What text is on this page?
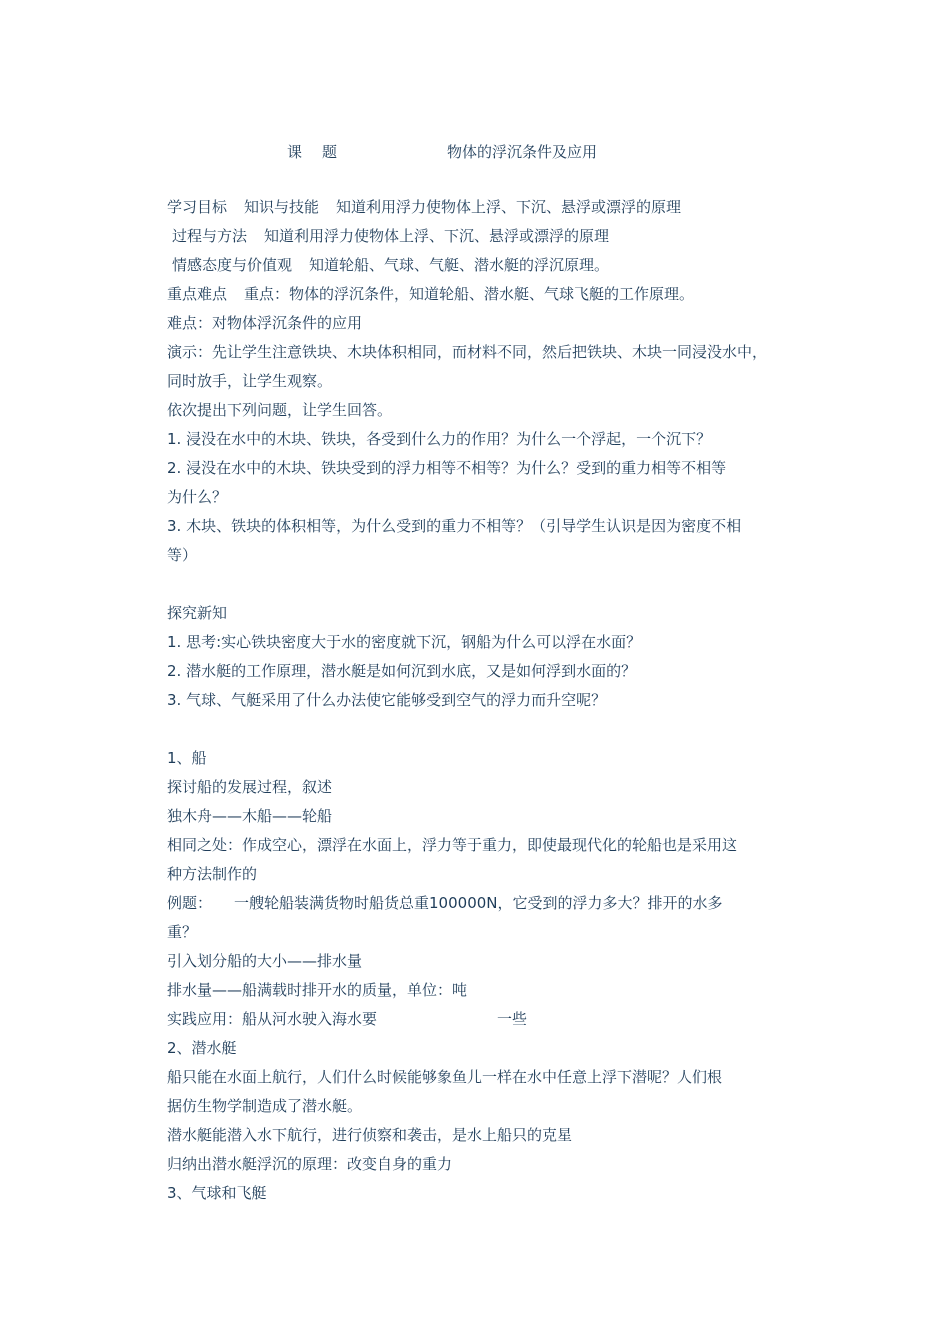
课题	物体的浮沉条件及应用
学习目标 知识与技能 知道利用浮力使物体上浮、下沉、悬浮或漂浮的原理
过程与方法 知道利用浮力使物体上浮、下沉、悬浮或漂浮的原理
情感态度与价值观 知道轮船、气球、气艇、潜水艇的浮沉原理。
重点难点 重点：物体的浮沉条件，知道轮船、潜水艇、气球飞艇的工作原理。
难点：对物体浮沉条件的应用
演示：先让学生注意铁块、木块体积相同，而材料不同，然后把铁块、木块一同浸没水中，
同时放手，让学生观察。
依次提出下列问题，让学生回答。
1. 浸没在水中的木块、铁块，各受到什么力的作用？为什么一个浮起，一个沉下？
2. 浸没在水中的木块、铁块受到的浮力相等不相等？为什么？受到的重力相等不相等
为什么？
3. 木块、铁块的体积相等，为什么受到的重力不相等？（引导学生认识是因为密度不相
等）
探究新知
1. 思考:实心铁块密度大于水的密度就下沉，钢船为什么可以浮在水面？
2. 潜水艇的工作原理，潜水艇是如何沉到水底，又是如何浮到水面的？
3. 气球、气艇采用了什么办法使它能够受到空气的浮力而升空呢？
1、船
探讨船的发展过程，叙述
独木舟——木船——轮船
相同之处：作成空心，漂浮在水面上，浮力等于重力，即使最现代化的轮船也是采用这
种方法制作的
例题： 一艘轮船装满货物时船货总重100000N，它受到的浮力多大？排开的水多
重？
引入划分船的大小——排水量
排水量——船满载时排开水的质量，单位：吨
实践应用：船从河水驶入海水要	一些
2、潜水艇
船只能在水面上航行，人们什么时候能够象鱼儿一样在水中任意上浮下潜呢？人们根
据仿生物学制造成了潜水艇。
潜水艇能潜入水下航行，进行侦察和袭击，是水上船只的克星
归纳出潜水艇浮沉的原理：改变自身的重力
3、气球和飞艇
